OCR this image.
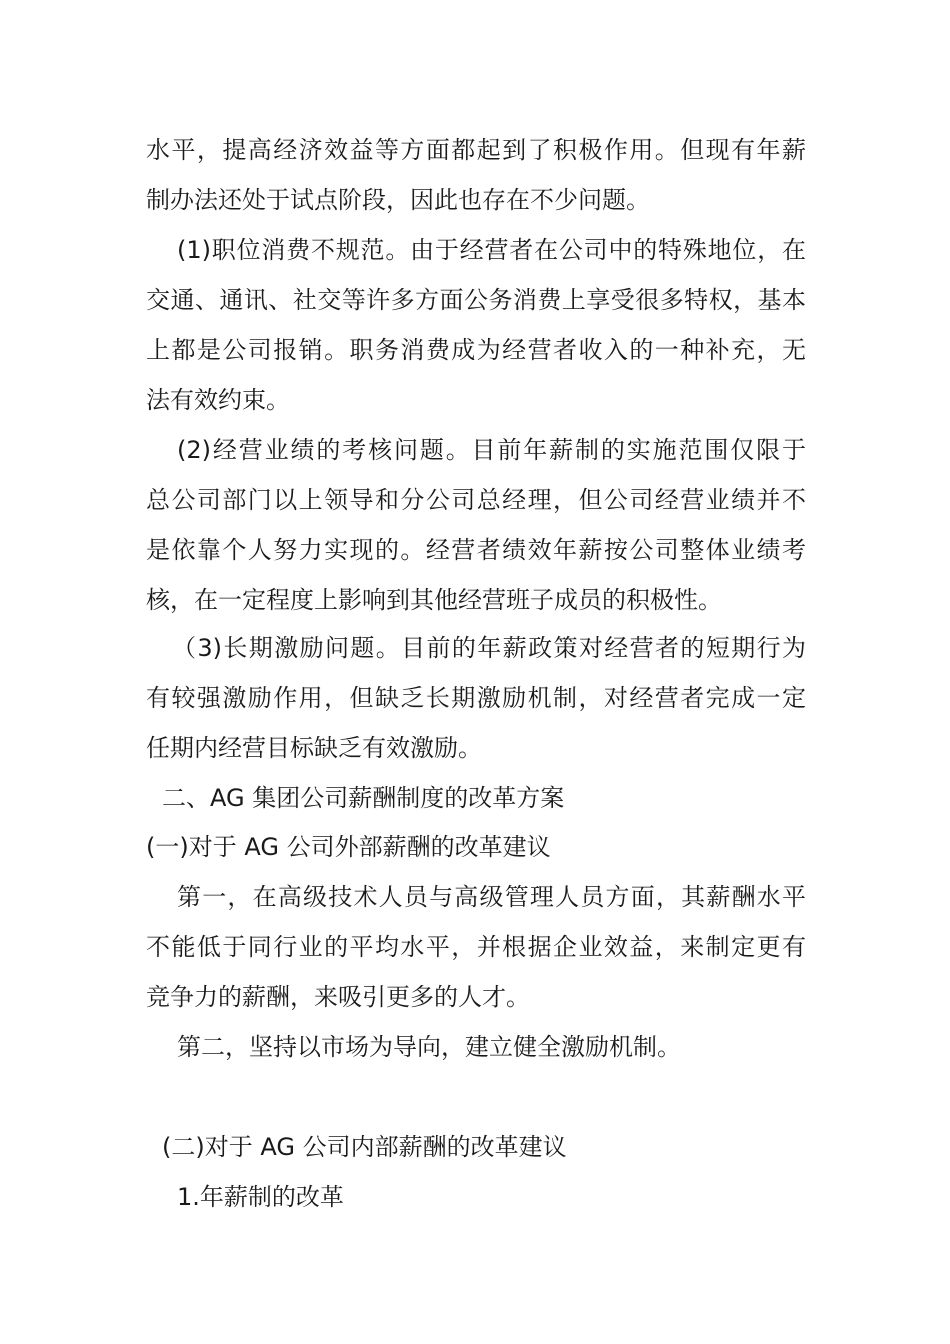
水平，提高经济效益等方面都起到了积极作用。但现有年薪
制办法还处于试点阶段，因此也存在不少问题。
(1)职位消费不规范。由于经营者在公司中的特殊地位，在
交通、通讯、社交等许多方面公务消费上享受很多特权，基本
上都是公司报销。职务消费成为经营者收入的一种补充，无
法有效约束。
(2)经营业绩的考核问题。目前年薪制的实施范围仅限于
总公司部门以上领导和分公司总经理，但公司经营业绩并不
是依靠个人努力实现的。经营者绩效年薪按公司整体业绩考
核，在一定程度上影响到其他经营班子成员的积极性。
（3)长期激励问题。目前的年薪政策对经营者的短期行为
有较强激励作用，但缺乏长期激励机制，对经营者完成一定
任期内经营目标缺乏有效激励。
二、AG 集团公司薪酬制度的改革方案
(一)对于 AG 公司外部薪酬的改革建议
第一，在高级技术人员与高级管理人员方面，其薪酬水平
不能低于同行业的平均水平，并根据企业效益，来制定更有
竞争力的薪酬，来吸引更多的人才。
第二，坚持以市场为导向，建立健全激励机制。
(二)对于 AG 公司内部薪酬的改革建议
1.年薪制的改革
